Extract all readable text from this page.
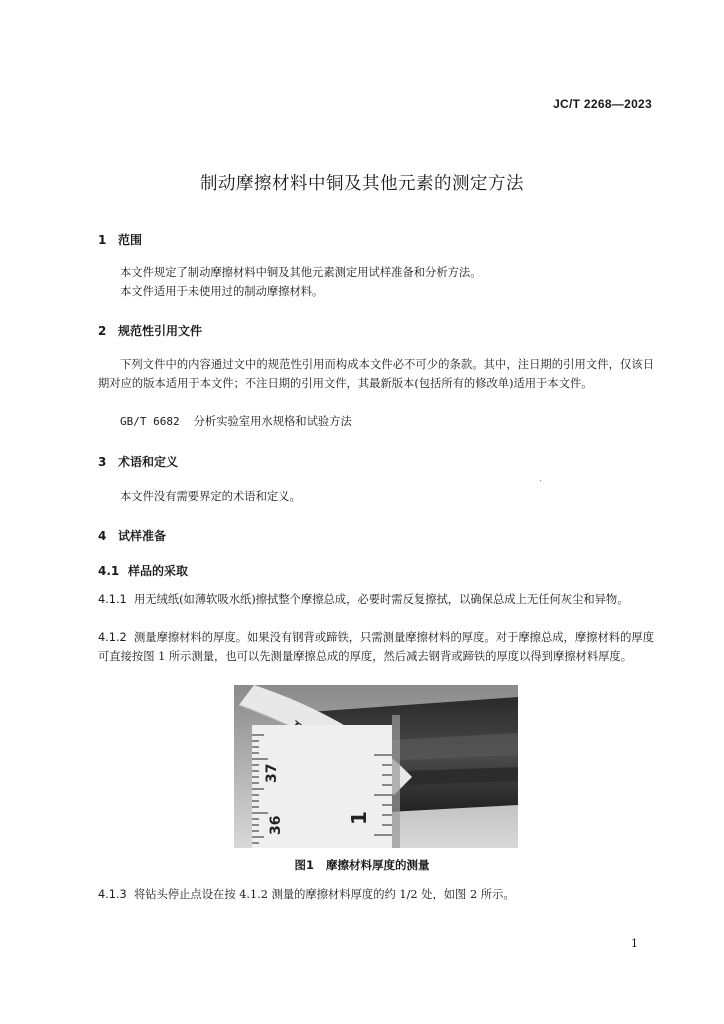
JC/T 2268—2023
制动摩擦材料中铜及其他元素的测定方法
1 范围
本文件规定了制动摩擦材料中铜及其他元素测定用试样准备和分析方法。
本文件适用于未使用过的制动摩擦材料。
2 规范性引用文件
下列文件中的内容通过文中的规范性引用而构成本文件必不可少的条款。其中，注日期的引用文件，仅该日期对应的版本适用于本文件；不注日期的引用文件，其最新版本(包括所有的修改单)适用于本文件。
GB/T 6682 分析实验室用水规格和试验方法
3 术语和定义
本文件没有需要界定的术语和定义。
4 试样准备
4.1 样品的采取
4.1.1 用无绒纸(如薄软吸水纸)擦拭整个摩擦总成，必要时需反复擦拭，以确保总成上无任何灰尘和异物。
4.1.2 测量摩擦材料的厚度。如果没有钢背或蹄铁，只需测量摩擦材料的厚度。对于摩擦总成，摩擦材料的厚度可直接按图 1 所示测量，也可以先测量摩擦总成的厚度，然后减去钢背或蹄铁的厚度以得到摩擦材料厚度。
37
36	1
图1 摩擦材料厚度的测量
4.1.3 将钻头停止点设在按 4.1.2 测量的摩擦材料厚度的约 1/2 处，如图 2 所示。
1
